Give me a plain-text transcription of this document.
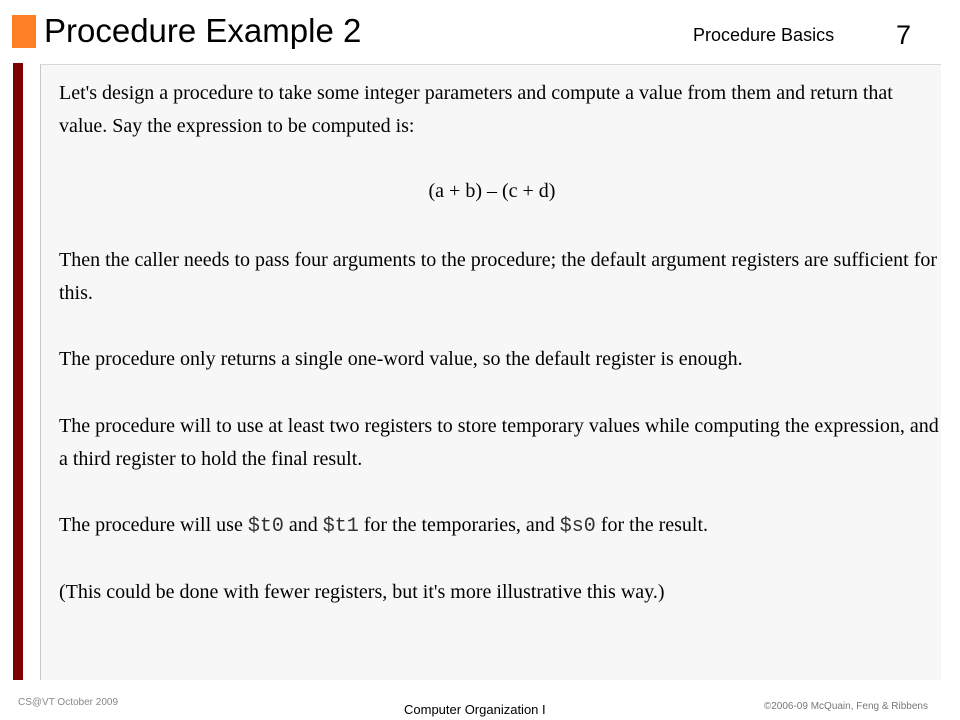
Procedure Example 2	Procedure Basics 7

Let's design a procedure to take some integer parameters and compute a value from them and return that value. Say the expression to be computed is:

(a + b) – (c + d)

Then the caller needs to pass four arguments to the procedure; the default argument registers are sufficient for this.

The procedure only returns a single one-word value, so the default register is enough.

The procedure will to use at least two registers to store temporary values while computing the expression, and a third register to hold the final result.

The procedure will use $t0 and $t1 for the temporaries, and $s0 for the result.

(This could be done with fewer registers, but it's more illustrative this way.)

CS@VT October 2009	Computer Organization I	©2006-09 McQuain, Feng & Ribbens
